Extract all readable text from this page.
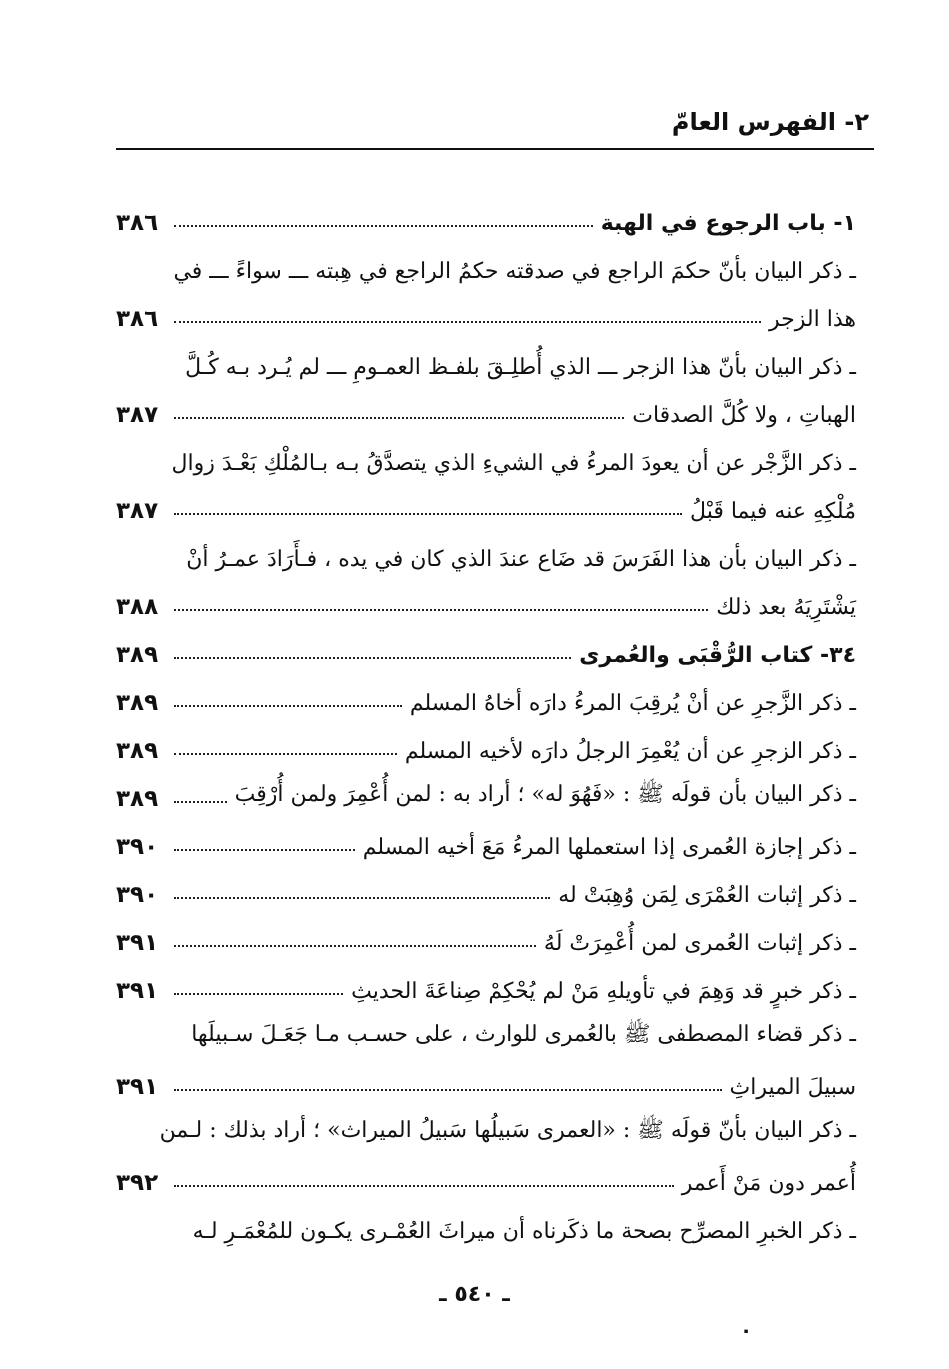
٢- الفهرس العامّ
١- باب الرجوع في الهبة
٣٨٦
ـ ذكر البيان بأنّ حكمَ الراجع في صدقته حكمُ الراجع في هِبته ـــ سواءً ـــ في
هذا الزجر
٣٨٦
ـ ذكر البيان بأنّ هذا الزجر ـــ الذي أُطلِـقَ بلفـظ العمـومِ ـــ لم يُـرد بـه كُـلَّ
الهباتِ ، ولا كُلَّ الصدقات
٣٨٧
ـ ذكر الزَّجْر عن أن يعودَ المرءُ في الشيءِ الذي يتصدَّقُ بـه بـالمُلْكِ بَعْـدَ زوال
مُلْكِهِ عنه فيما قَبْلُ
٣٨٧
ـ ذكر البيان بأن هذا الفَرَسَ قد ضَاع عندَ الذي كان في يده ، فـأَرَادَ عمـرُ أنْ
يَشْتَرِيَهُ بعد ذلك
٣٨٨
٣٤- كتاب الرُّقْبَى والعُمرى
٣٨٩
ـ ذكر الزَّجرِ عن أنْ يُرقِبَ المرءُ دارَه أخاهُ المسلم
٣٨٩
ـ ذكر الزجرِ عن أن يُعْمِرَ الرجلُ دارَه لأخيه المسلم
٣٨٩
ـ ذكر البيان بأن قولَه ﷺ : «فَهُوَ له» ؛ أراد به : لمن أُعْمِرَ ولمن أُرْقِبَ
٣٨٩
ـ ذكر إجازة العُمرى إذا استعملها المرءُ مَعَ أخيه المسلم
٣٩٠
ـ ذكر إثبات العُمْرَى لِمَن وُهِبَتْ له
٣٩٠
ـ ذكر إثبات العُمرى لمن أُعْمِرَتْ لَهُ
٣٩١
ـ ذكر خبرٍ قد وَهِمَ في تأويلهِ مَنْ لم يُحْكِمْ صِناعَةَ الحديثِ
٣٩١
ـ ذكر قضاء المصطفى ﷺ بالعُمرى للوارث ، على حسـب مـا جَعَـلَ سـبيلَها
سبيلَ الميراثِ
٣٩١
ـ ذكر البيان بأنّ قولَه ﷺ : «العمرى سَبيلُها سَبيلُ الميراث» ؛ أراد بذلك : لـمن
أُعمر دون مَنْ أَعمر
٣٩٢
ـ ذكر الخبرِ المصرِّح بصحة ما ذكَرناه أن ميراثَ العُمْـرى يكـون للمُعْمَـرِ لـه
ـ ٥٤٠ ـ
٠
